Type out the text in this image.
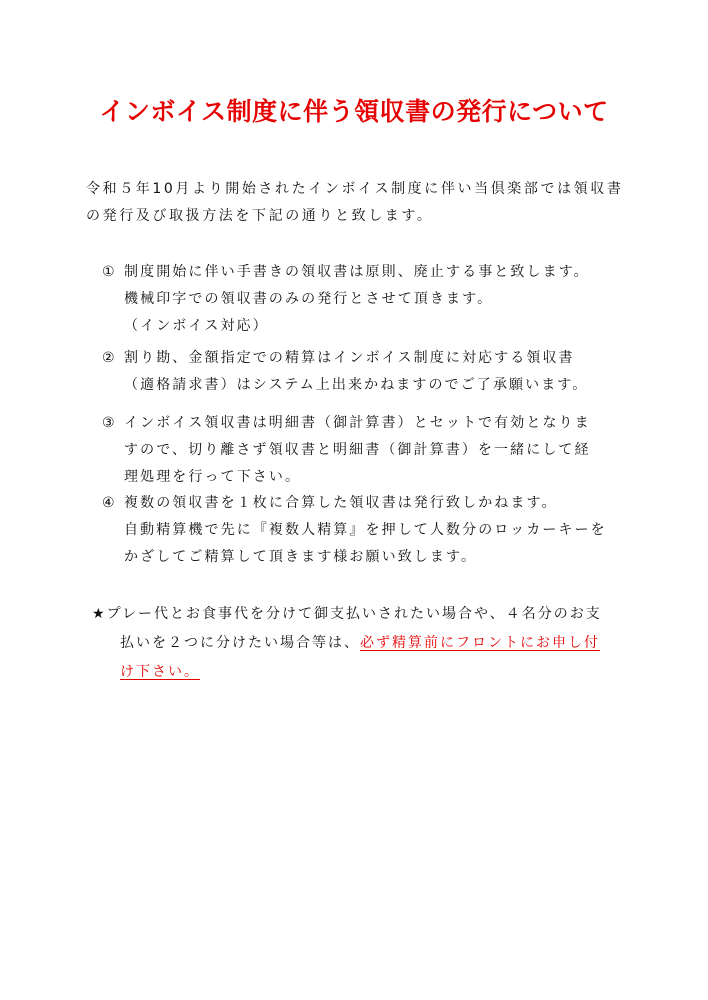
インボイス制度に伴う領収書の発行について
令和５年10月より開始されたインボイス制度に伴い当倶楽部では領収書
の発行及び取扱方法を下記の通りと致します。
① 制度開始に伴い手書きの領収書は原則、廃止する事と致します。
機械印字での領収書のみの発行とさせて頂きます。
（インボイス対応）
② 割り勘、金額指定での精算はインボイス制度に対応する領収書
（適格請求書）はシステム上出来かねますのでご了承願います。
③ インボイス領収書は明細書（御計算書）とセットで有効となりま
すので、切り離さず領収書と明細書（御計算書）を一緒にして経
理処理を行って下さい。
④ 複数の領収書を１枚に合算した領収書は発行致しかねます。
自動精算機で先に『複数人精算』を押して人数分のロッカーキーを
かざしてご精算して頂きます様お願い致します。
★プレー代とお食事代を分けて御支払いされたい場合や、４名分のお支
払いを２つに分けたい場合等は、必ず精算前にフロントにお申し付
け下さい。
